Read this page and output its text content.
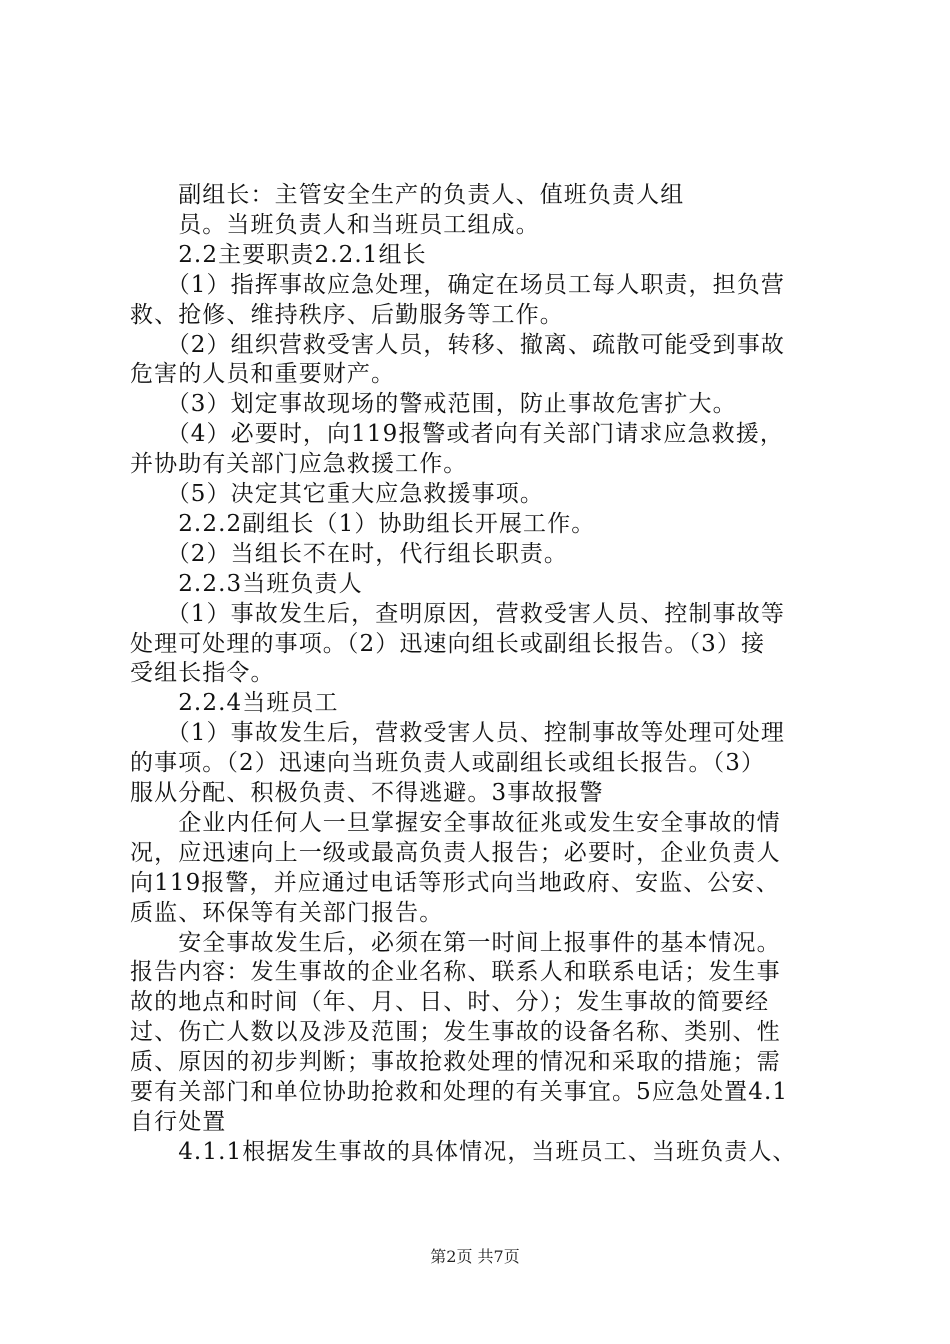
　　副组长：主管安全生产的负责人、值班负责人组
　　员。当班负责人和当班员工组成。
　　2.2主要职责2.2.1组长
　　（1）指挥事故应急处理，确定在场员工每人职责，担负营
救、抢修、维持秩序、后勤服务等工作。
　　（2）组织营救受害人员，转移、撤离、疏散可能受到事故
危害的人员和重要财产。
　　（3）划定事故现场的警戒范围，防止事故危害扩大。
　　（4）必要时，向119报警或者向有关部门请求应急救援，
并协助有关部门应急救援工作。
　　（5）决定其它重大应急救援事项。
　　2.2.2副组长（1）协助组长开展工作。
　　（2）当组长不在时，代行组长职责。
　　2.2.3当班负责人
　　（1）事故发生后，查明原因，营救受害人员、控制事故等
处理可处理的事项。（2）迅速向组长或副组长报告。（3）接
受组长指令。
　　2.2.4当班员工
　　（1）事故发生后，营救受害人员、控制事故等处理可处理
的事项。（2）迅速向当班负责人或副组长或组长报告。（3）
服从分配、积极负责、不得逃避。3事故报警
　　企业内任何人一旦掌握安全事故征兆或发生安全事故的情
况，应迅速向上一级或最高负责人报告；必要时，企业负责人
向119报警，并应通过电话等形式向当地政府、安监、公安、
质监、环保等有关部门报告。
　　安全事故发生后，必须在第一时间上报事件的基本情况。
报告内容：发生事故的企业名称、联系人和联系电话；发生事
故的地点和时间（年、月、日、时、分）；发生事故的简要经
过、伤亡人数以及涉及范围；发生事故的设备名称、类别、性
质、原因的初步判断；事故抢救处理的情况和采取的措施；需
要有关部门和单位协助抢救和处理的有关事宜。5应急处置4.1
自行处置
　　4.1.1根据发生事故的具体情况，当班员工、当班负责人、
第2页 共7页
